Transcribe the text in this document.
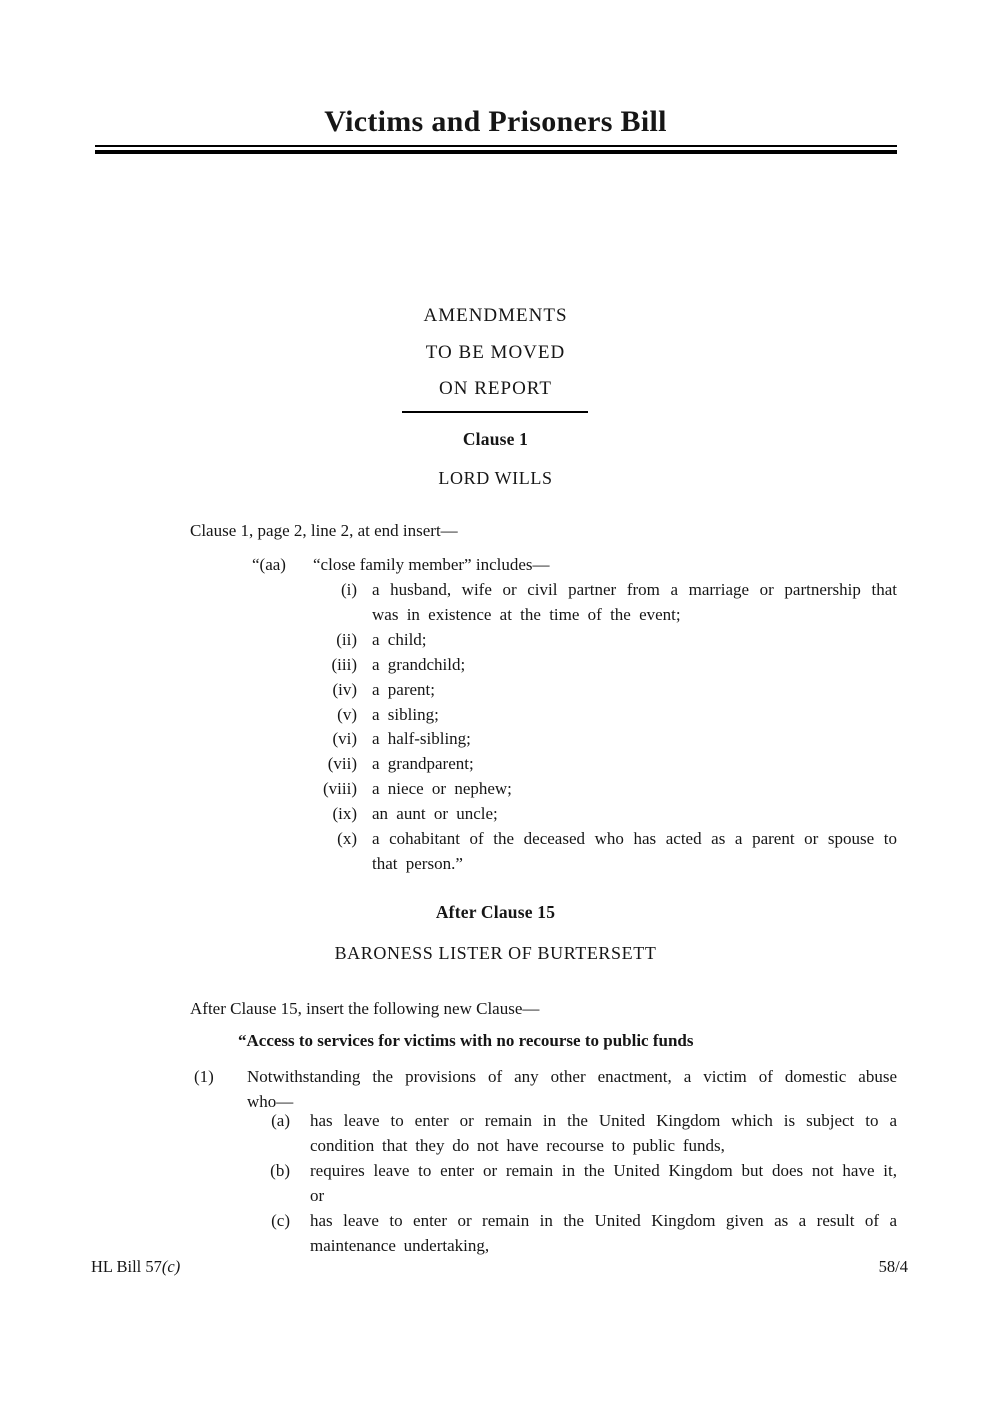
Victims and Prisoners Bill
AMENDMENTS
TO BE MOVED
ON REPORT
Clause 1
LORD WILLS
Clause 1, page 2, line 2, at end insert—
“(aa)	“close family member” includes—
(i) a husband, wife or civil partner from a marriage or partnership that was in existence at the time of the event;
(ii) a child;
(iii) a grandchild;
(iv) a parent;
(v) a sibling;
(vi) a half-sibling;
(vii) a grandparent;
(viii) a niece or nephew;
(ix) an aunt or uncle;
(x) a cohabitant of the deceased who has acted as a parent or spouse to that person.”
After Clause 15
BARONESS LISTER OF BURTERSETT
After Clause 15, insert the following new Clause—
“Access to services for victims with no recourse to public funds
(1)	Notwithstanding the provisions of any other enactment, a victim of domestic abuse who—
(a) has leave to enter or remain in the United Kingdom which is subject to a condition that they do not have recourse to public funds,
(b) requires leave to enter or remain in the United Kingdom but does not have it, or
(c) has leave to enter or remain in the United Kingdom given as a result of a maintenance undertaking,
HL Bill 57(c)	58/4
